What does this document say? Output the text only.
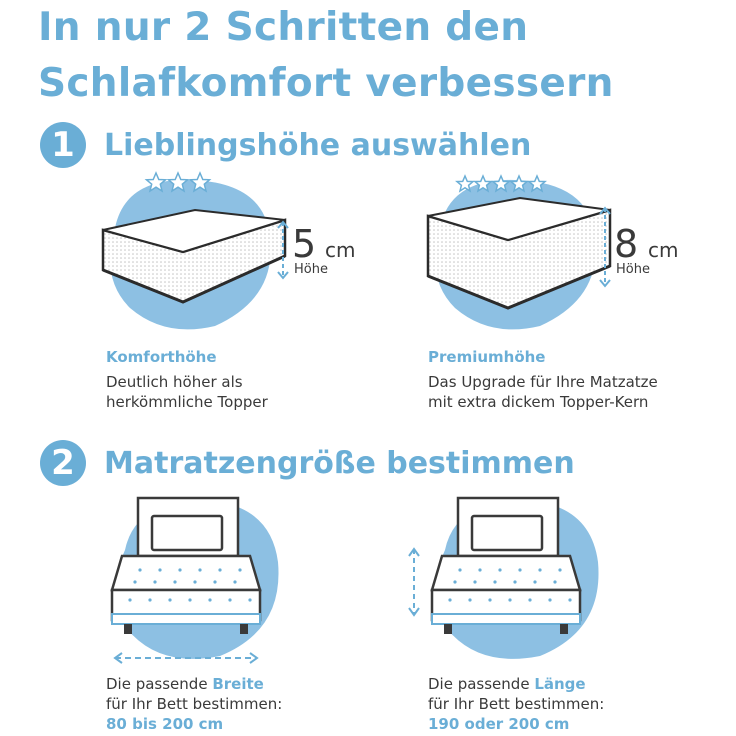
In nur 2 Schritten den
Schlafkomfort verbessern
1 Lieblingshöhe auswählen
5 cm
Höhe
Komforthöhe
Deutlich höher als
herkömmliche Topper
8 cm
Höhe
Premiumhöhe
Das Upgrade für Ihre Matzatze
mit extra dickem Topper-Kern
2 Matratzengröße bestimmen
Die passende Breite
für Ihr Bett bestimmen:
80 bis 200 cm
Die passende Länge
für Ihr Bett bestimmen:
190 oder 200 cm
